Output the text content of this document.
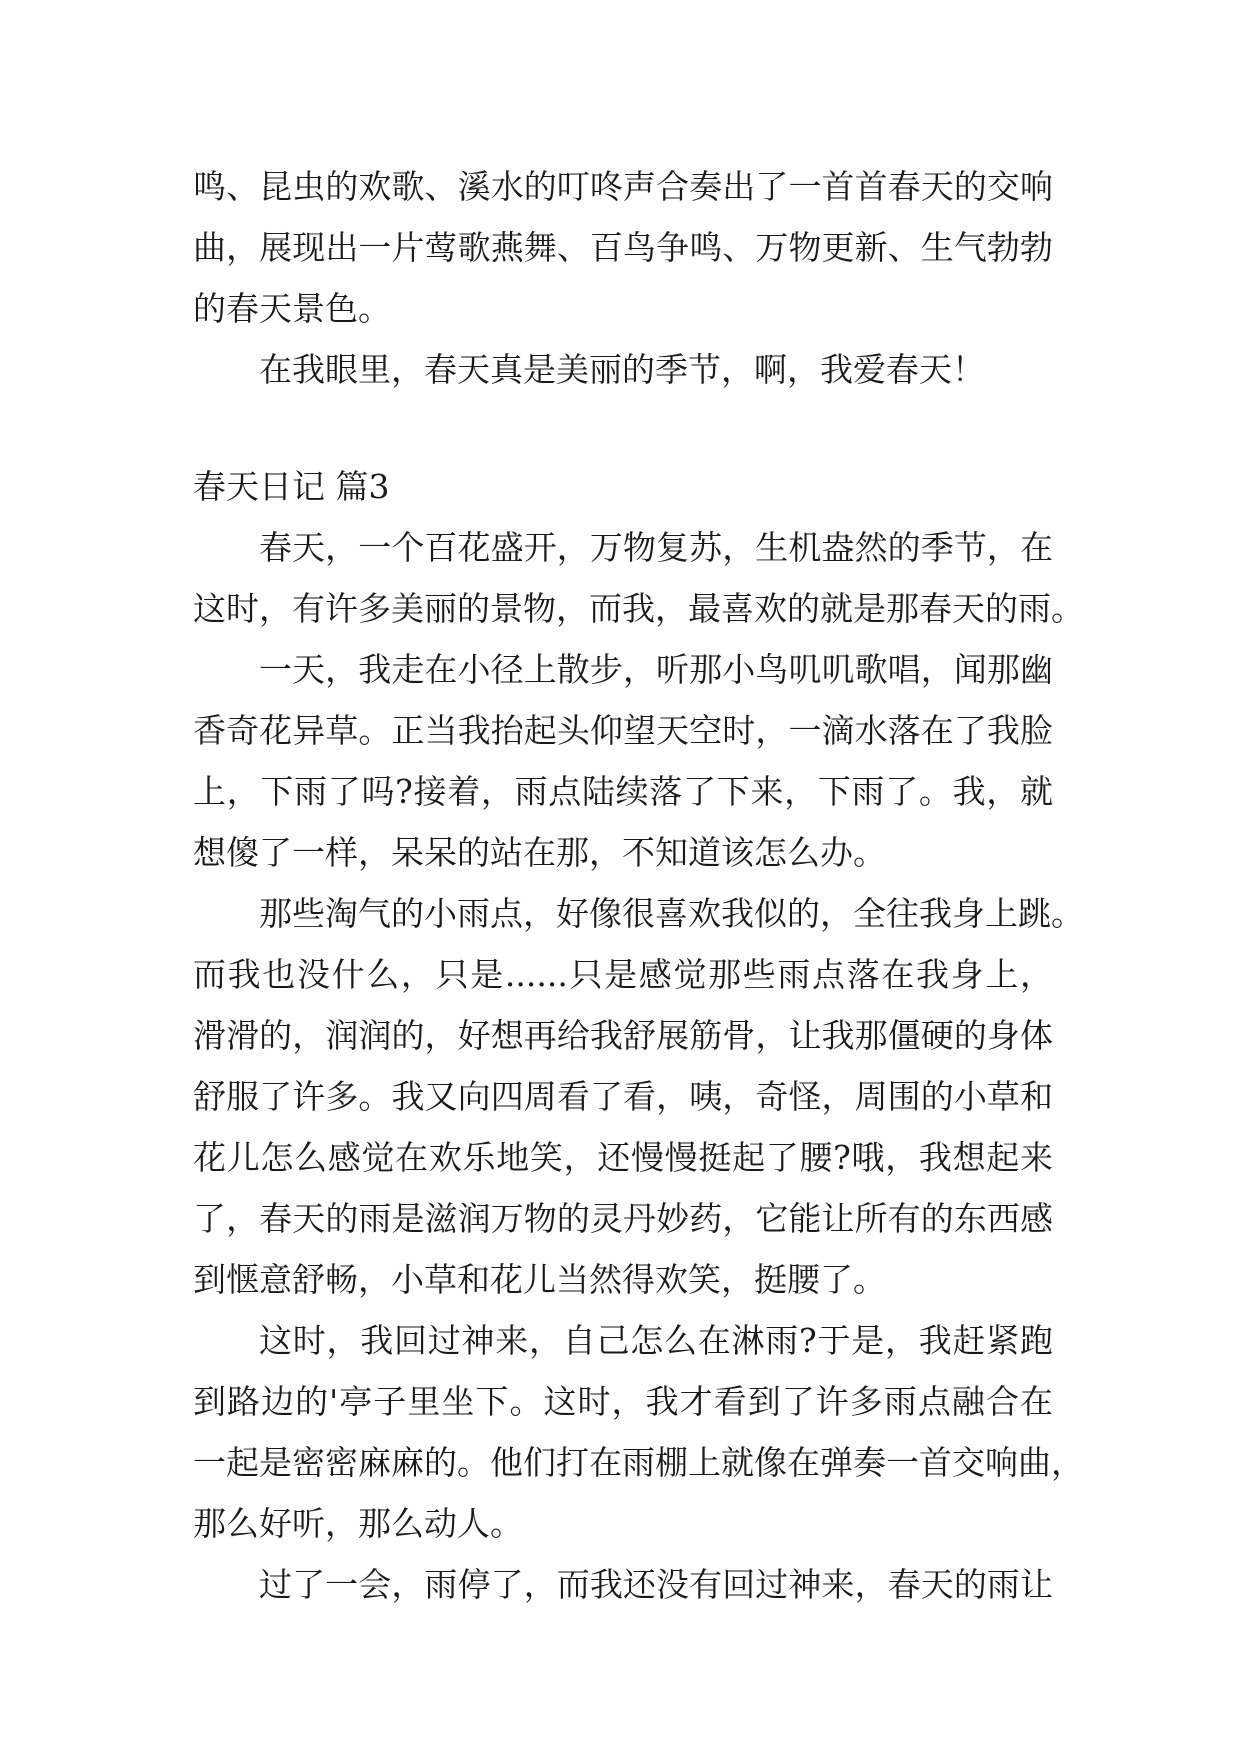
鸣、昆虫的欢歌、溪水的叮咚声合奏出了一首首春天的交响
曲，展现出一片莺歌燕舞、百鸟争鸣、万物更新、生气勃勃
的春天景色。
在我眼里，春天真是美丽的季节，啊，我爱春天！
春天日记 篇3
春天，一个百花盛开，万物复苏，生机盎然的季节，在
这时，有许多美丽的景物，而我，最喜欢的就是那春天的雨。
一天，我走在小径上散步，听那小鸟叽叽歌唱，闻那幽
香奇花异草。正当我抬起头仰望天空时，一滴水落在了我脸
上，下雨了吗?接着，雨点陆续落了下来，下雨了。我，就
想傻了一样，呆呆的站在那，不知道该怎么办。
那些淘气的小雨点，好像很喜欢我似的，全往我身上跳。
而我也没什么，只是......只是感觉那些雨点落在我身上，
滑滑的，润润的，好想再给我舒展筋骨，让我那僵硬的身体
舒服了许多。我又向四周看了看，咦，奇怪，周围的小草和
花儿怎么感觉在欢乐地笑，还慢慢挺起了腰?哦，我想起来
了，春天的雨是滋润万物的灵丹妙药，它能让所有的东西感
到惬意舒畅，小草和花儿当然得欢笑，挺腰了。
这时，我回过神来，自己怎么在淋雨?于是，我赶紧跑
到路边的'亭子里坐下。这时，我才看到了许多雨点融合在
一起是密密麻麻的。他们打在雨棚上就像在弹奏一首交响曲，
那么好听，那么动人。
过了一会，雨停了，而我还没有回过神来，春天的雨让
